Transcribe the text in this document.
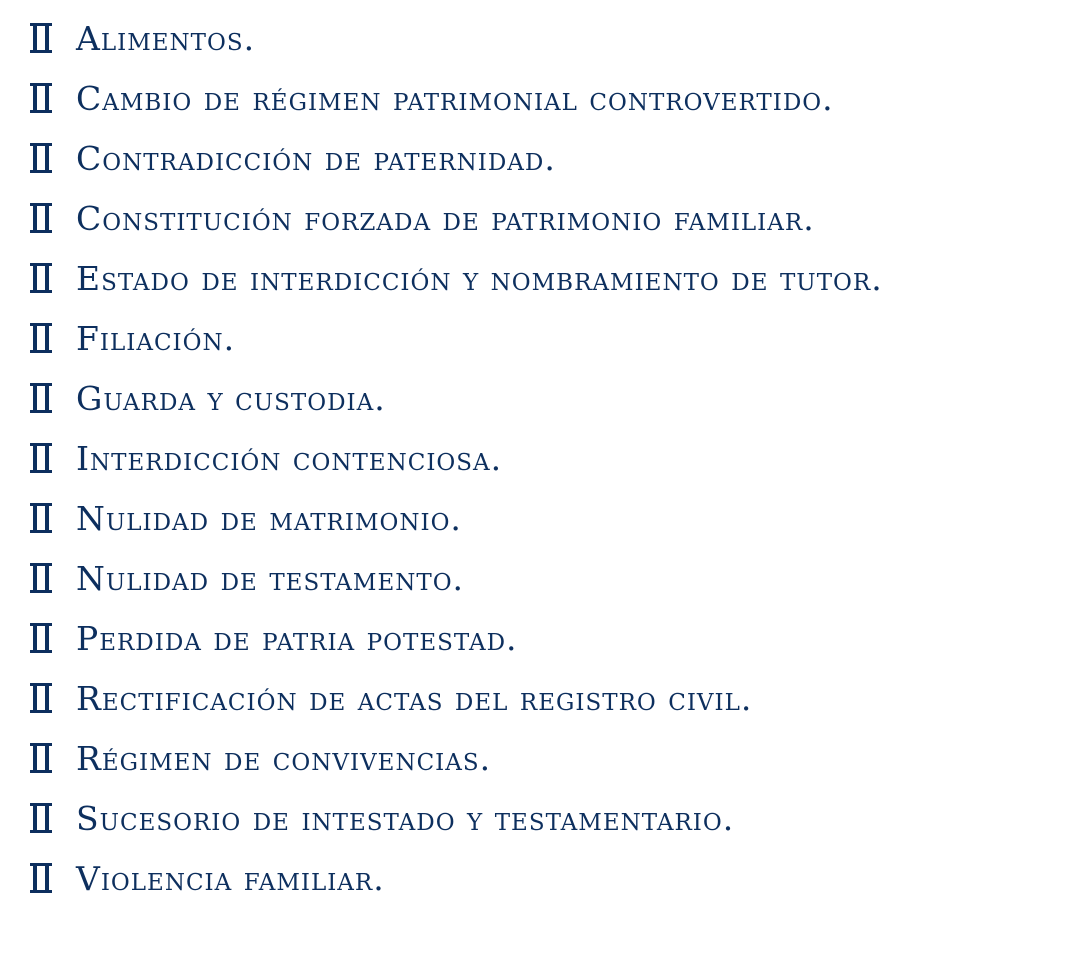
Alimentos.
Cambio de régimen patrimonial controvertido.
Contradicción de paternidad.
Constitución forzada de patrimonio familiar.
Estado de interdicción y nombramiento de tutor.
Filiación.
Guarda y custodia.
Interdicción contenciosa.
Nulidad de matrimonio.
Nulidad de testamento.
Perdida de patria potestad.
Rectificación de actas del registro civil.
Régimen de convivencias.
Sucesorio de intestado y testamentario.
Violencia familiar.
